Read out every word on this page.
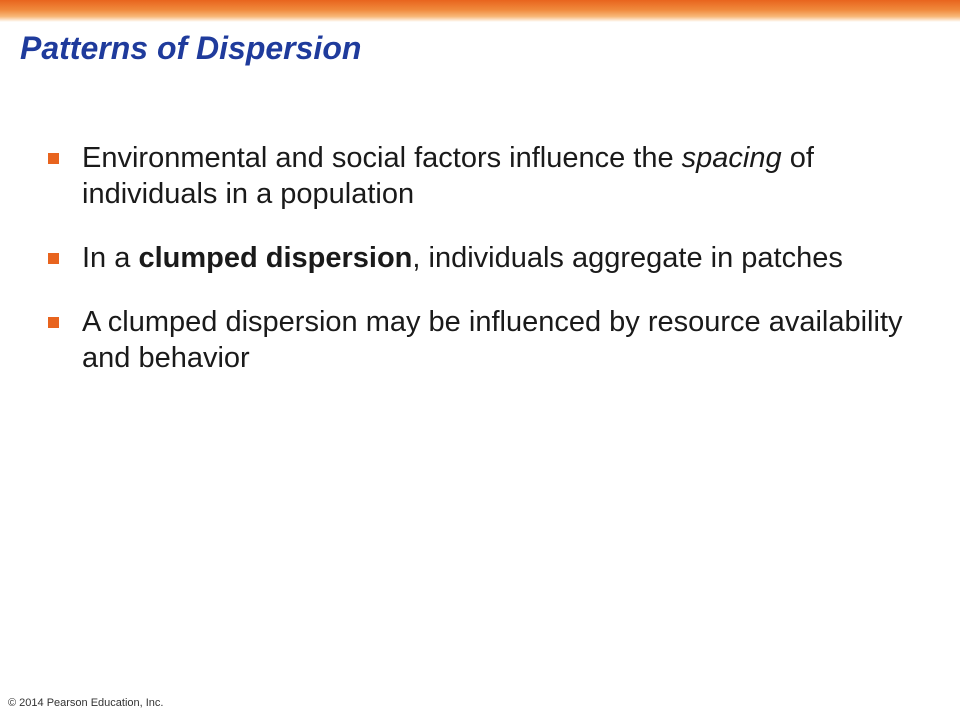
Patterns of Dispersion
Environmental and social factors influence the spacing of individuals in a population
In a clumped dispersion, individuals aggregate in patches
A clumped dispersion may be influenced by resource availability and behavior
© 2014 Pearson Education, Inc.
